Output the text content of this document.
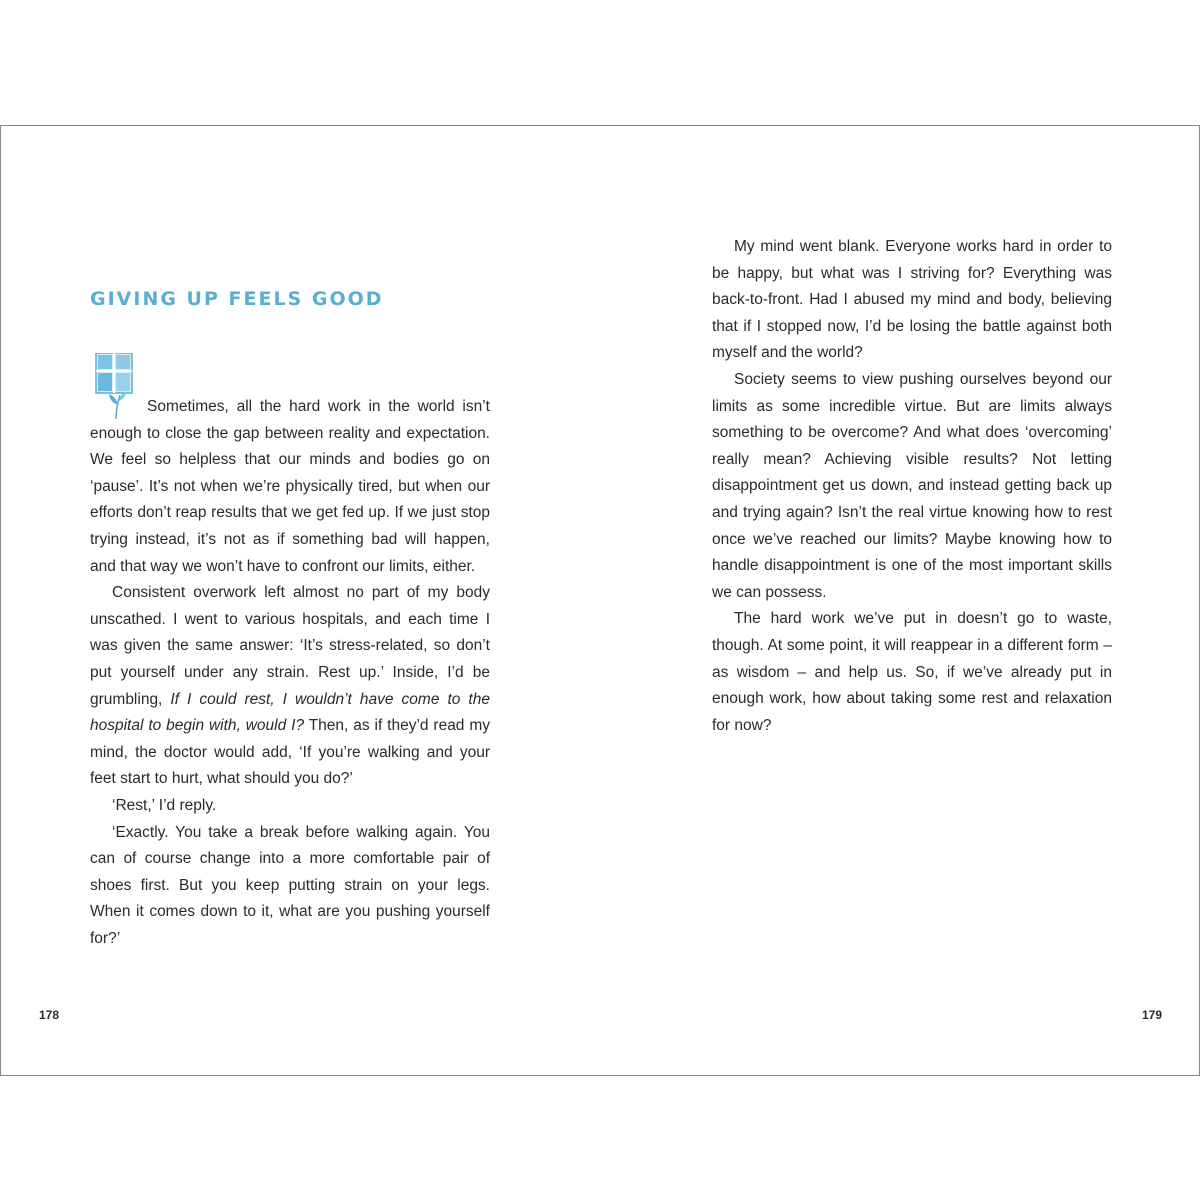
GIVING UP FEELS GOOD

Sometimes, all the hard work in the world isn’t enough to close the gap between reality and expectation. We feel so helpless that our minds and bodies go on ‘pause’. It’s not when we’re physically tired, but when our efforts don’t reap results that we get fed up. If we just stop trying instead, it’s not as if something bad will happen, and that way we won’t have to confront our limits, either.

Consistent overwork left almost no part of my body unscathed. I went to various hospitals, and each time I was given the same answer: ‘It’s stress-related, so don’t put yourself under any strain. Rest up.’ Inside, I’d be grumbling, If I could rest, I wouldn’t have come to the hospital to begin with, would I? Then, as if they’d read my mind, the doctor would add, ‘If you’re walking and your feet start to hurt, what should you do?’

‘Rest,’ I’d reply.

‘Exactly. You take a break before walking again. You can of course change into a more comfortable pair of shoes first. But you keep putting strain on your legs. When it comes down to it, what are you pushing yourself for?’

178

My mind went blank. Everyone works hard in order to be happy, but what was I striving for? Everything was back-to-front. Had I abused my mind and body, believing that if I stopped now, I’d be losing the battle against both myself and the world?

Society seems to view pushing ourselves beyond our limits as some incredible virtue. But are limits always something to be overcome? And what does ‘overcoming’ really mean? Achieving visible results? Not letting disappointment get us down, and instead getting back up and trying again? Isn’t the real virtue knowing how to rest once we’ve reached our limits? Maybe knowing how to handle disappointment is one of the most important skills we can possess.

The hard work we’ve put in doesn’t go to waste, though. At some point, it will reappear in a different form – as wisdom – and help us. So, if we’ve already put in enough work, how about taking some rest and relaxation for now?

179
